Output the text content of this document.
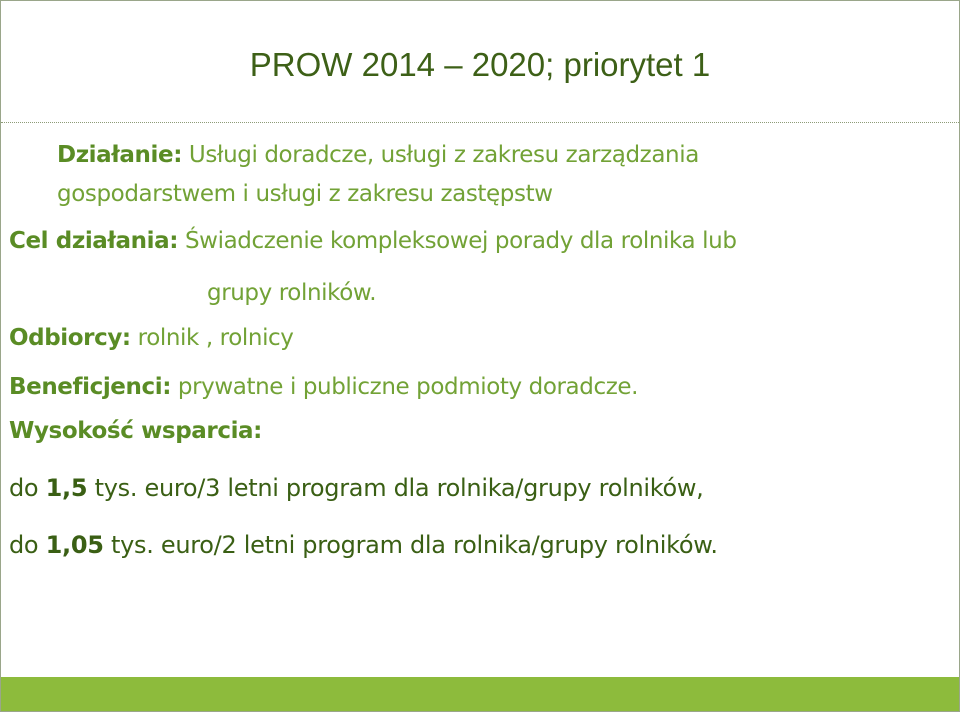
PROW 2014 – 2020; priorytet 1
Działanie: Usługi doradcze, usługi z zakresu zarządzania
gospodarstwem i usługi z zakresu zastępstw
Cel działania: Świadczenie kompleksowej porady dla rolnika lub
grupy rolników.
Odbiorcy: rolnik , rolnicy
Beneficjenci: prywatne i publiczne podmioty doradcze.
Wysokość wsparcia:
do 1,5 tys. euro/3 letni program dla rolnika/grupy rolników,
do 1,05 tys. euro/2 letni program dla rolnika/grupy rolników.
